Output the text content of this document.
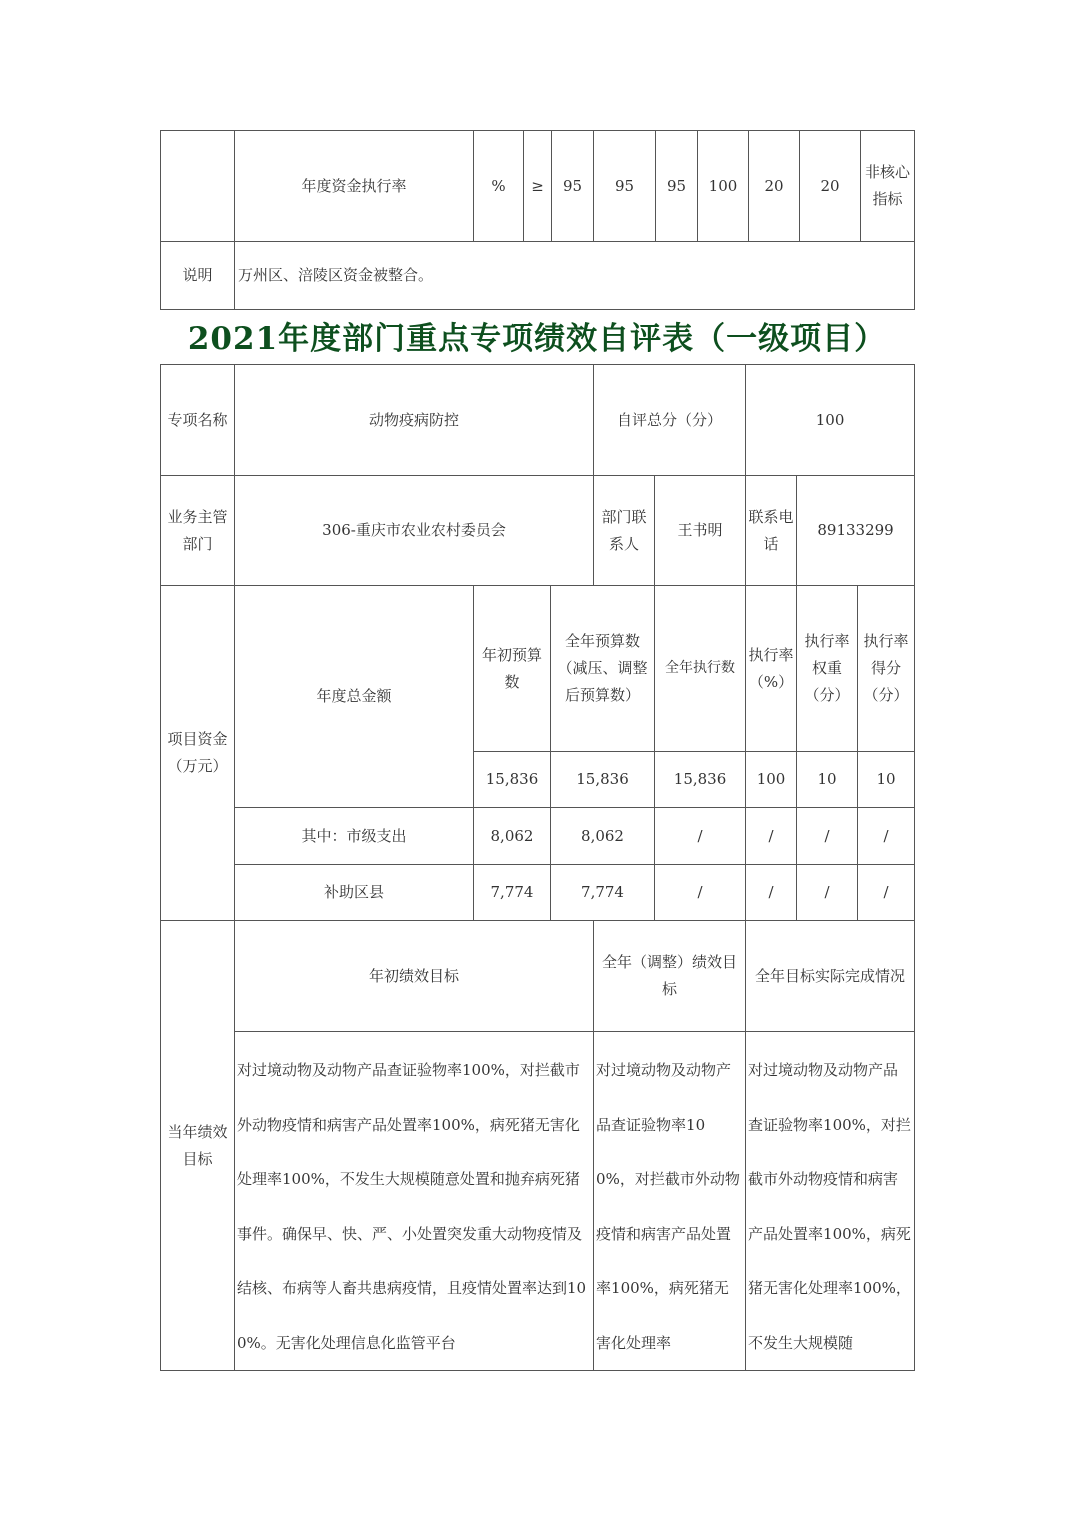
	年度资金执行率	%	≥	95	95	95	100	20	20	非核心指标
说明	万州区、涪陵区资金被整合。									
2021年度部门重点专项绩效自评表（一级项目）
专项名称	动物疫病防控			自评总分（分）		100		
业务主管部门	306-重庆市农业农村委员会			部门联系人	王书明	联系电话	89133299	
项目资金（万元）	年度总金额	年初预算数	全年预算数（减压、调整后预算数）		全年执行数	执行率（%）	执行率权重（分）	执行率得分（分）
		15,836	15,836		15,836	100	10	10
	其中：市级支出	8,062	8,062		/	/	/	/
	补助区县	7,774	7,774		/	/	/	/
当年绩效目标	年初绩效目标			全年（调整）绩效目标		全年目标实际完成情况		
	对过境动物及动物产品查证验物率100%，对拦截市外动物疫情和病害产品处置率100%，病死猪无害化处理率100%，不发生大规模随意处置和抛弃病死猪事件。确保早、快、严、小处置突发重大动物疫情及结核、布病等人畜共患病疫情，且疫情处置率达到100%。无害化处理信息化监管平台			对过境动物及动物产品查证验物率100%，对拦截市外动物疫情和病害产品处置率100%，病死猪无害化处理率		对过境动物及动物产品查证验物率100%，对拦截市外动物疫情和病害产品处置率100%，病死猪无害化处理率100%，不发生大规模随		
